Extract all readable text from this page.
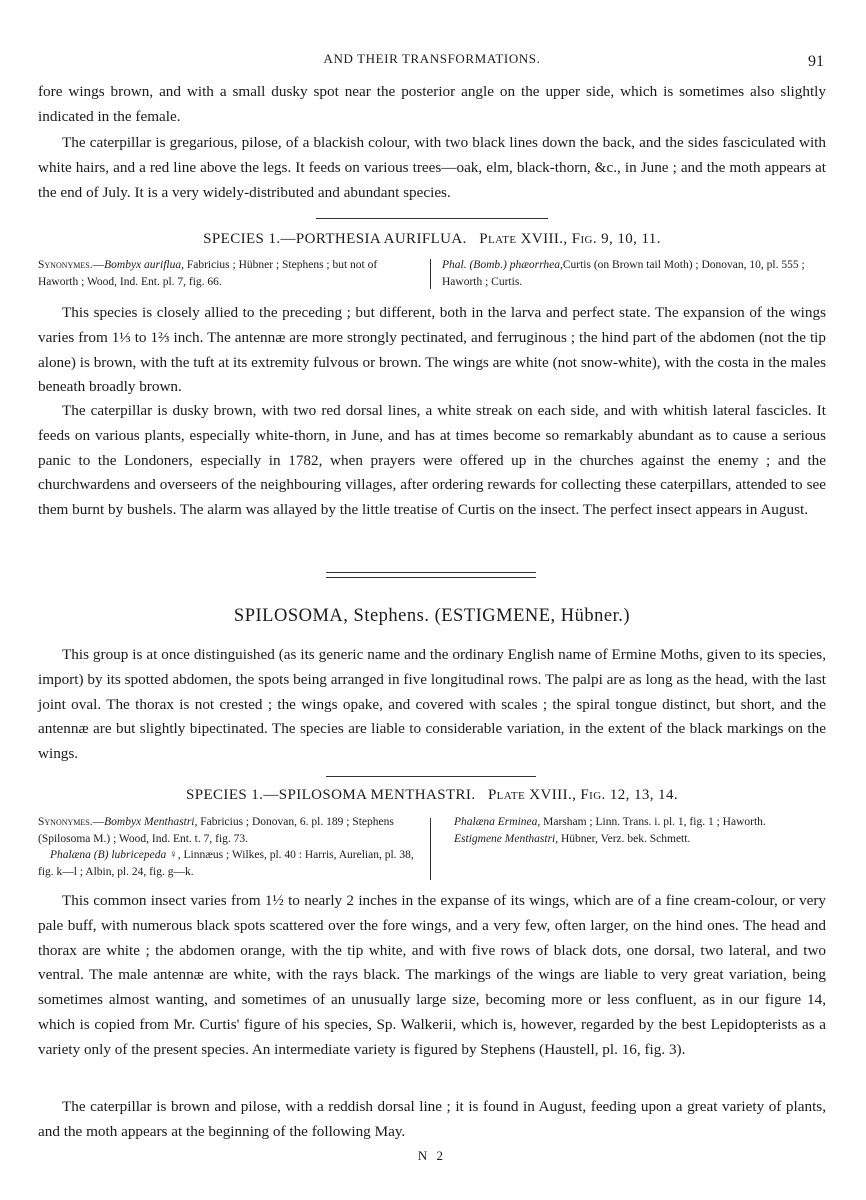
AND THEIR TRANSFORMATIONS.	91

fore wings brown, and with a small dusky spot near the posterior angle on the upper side, which is sometimes also slightly indicated in the female.

The caterpillar is gregarious, pilose, of a blackish colour, with two black lines down the back, and the sides fasciculated with white hairs, and a red line above the legs. It feeds on various trees—oak, elm, black-thorn, &c., in June ; and the moth appears at the end of July. It is a very widely-distributed and abundant species.

SPECIES 1.—PORTHESIA AURIFLUA. Plate XVIII., Fig. 9, 10, 11.

Synonymes.—Bombyx auriflua, Fabricius ; Hübner ; Stephens ; but not of Haworth ; Wood, Ind. Ent. pl. 7, fig. 66.

Phal. (Bomb.) phæorrhea,Curtis (on Brown tail Moth) ; Donovan, 10, pl. 555 ; Haworth ; Curtis.

This species is closely allied to the preceding ; but different, both in the larva and perfect state. The expansion of the wings varies from 1⅓ to 1⅔ inch. The antennæ are more strongly pectinated, and ferruginous ; the hind part of the abdomen (not the tip alone) is brown, with the tuft at its extremity fulvous or brown. The wings are white (not snow-white), with the costa in the males beneath broadly brown.

The caterpillar is dusky brown, with two red dorsal lines, a white streak on each side, and with whitish lateral fascicles. It feeds on various plants, especially white-thorn, in June, and has at times become so remarkably abundant as to cause a serious panic to the Londoners, especially in 1782, when prayers were offered up in the churches against the enemy ; and the churchwardens and overseers of the neighbouring villages, after ordering rewards for collecting these caterpillars, attended to see them burnt by bushels. The alarm was allayed by the little treatise of Curtis on the insect. The perfect insect appears in August.

SPILOSOMA, Stephens. (ESTIGMENE, Hübner.)

This group is at once distinguished (as its generic name and the ordinary English name of Ermine Moths, given to its species, import) by its spotted abdomen, the spots being arranged in five longitudinal rows. The palpi are as long as the head, with the last joint oval. The thorax is not crested ; the wings opake, and covered with scales ; the spiral tongue distinct, but short, and the antennæ are but slightly bipectinated. The species are liable to considerable variation, in the extent of the black markings on the wings.

SPECIES 1.—SPILOSOMA MENTHASTRI. Plate XVIII., Fig. 12, 13, 14.
Synonymes.—Bombyx Menthastri, Fabricius ; Donovan, 6. pl. 189 ; Stephens (Spilosoma M.) ; Wood, Ind. Ent. t. 7, fig. 73.
Phalæna (B) lubricepeda ♀, Linnæus ; Wilkes, pl. 40 : Harris, Aurelian, pl. 38, fig. k—l ; Albin, pl. 24, fig. g—k.
Phalæna Erminea, Marsham ; Linn. Trans. i. pl. 1, fig. 1 ; Haworth.
Estigmene Menthastri, Hübner, Verz. bek. Schmett.

This common insect varies from 1½ to nearly 2 inches in the expanse of its wings, which are of a fine cream-colour, or very pale buff, with numerous black spots scattered over the fore wings, and a very few, often larger, on the hind ones. The head and thorax are white ; the abdomen orange, with the tip white, and with five rows of black dots, one dorsal, two lateral, and two ventral. The male antennæ are white, with the rays black. The markings of the wings are liable to very great variation, being sometimes almost wanting, and sometimes of an unusually large size, becoming more or less confluent, as in our figure 14, which is copied from Mr. Curtis' figure of his species, Sp. Walkerii, which is, however, regarded by the best Lepidopterists as a variety only of the present species. An intermediate variety is figured by Stephens (Haustell, pl. 16, fig. 3).

The caterpillar is brown and pilose, with a reddish dorsal line ; it is found in August, feeding upon a great variety of plants, and the moth appears at the beginning of the following May.

N 2
